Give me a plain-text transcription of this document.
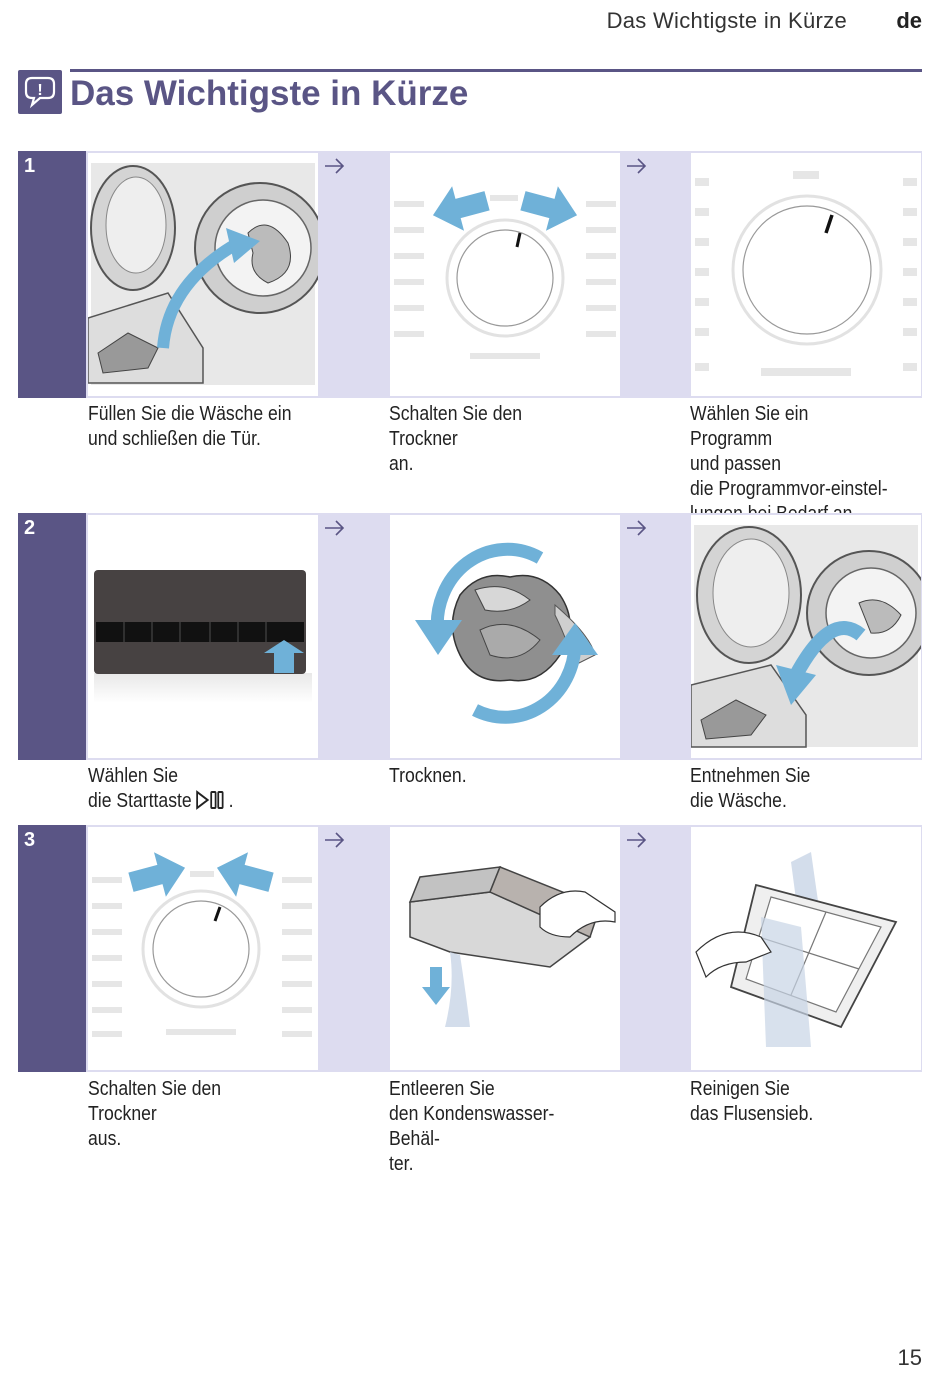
Das Wichtigste in Kürze de
! Das Wichtigste in Kürze
1
Füllen Sie die Wäsche ein
und schließen die Tür.
Schalten Sie den Trockner
an.
Wählen Sie ein Programm
und passen
die Programmvor-einstel-

2
Wählen Sie
die Starttaste .
Trocknen.	Entnehmen Sie
die Wäsche.
3
Schalten Sie den Trockner
aus.
Entleeren Sie
den Kondenswasser-Behäl-
ter.
Reinigen Sie
das Flusensieb.
15
